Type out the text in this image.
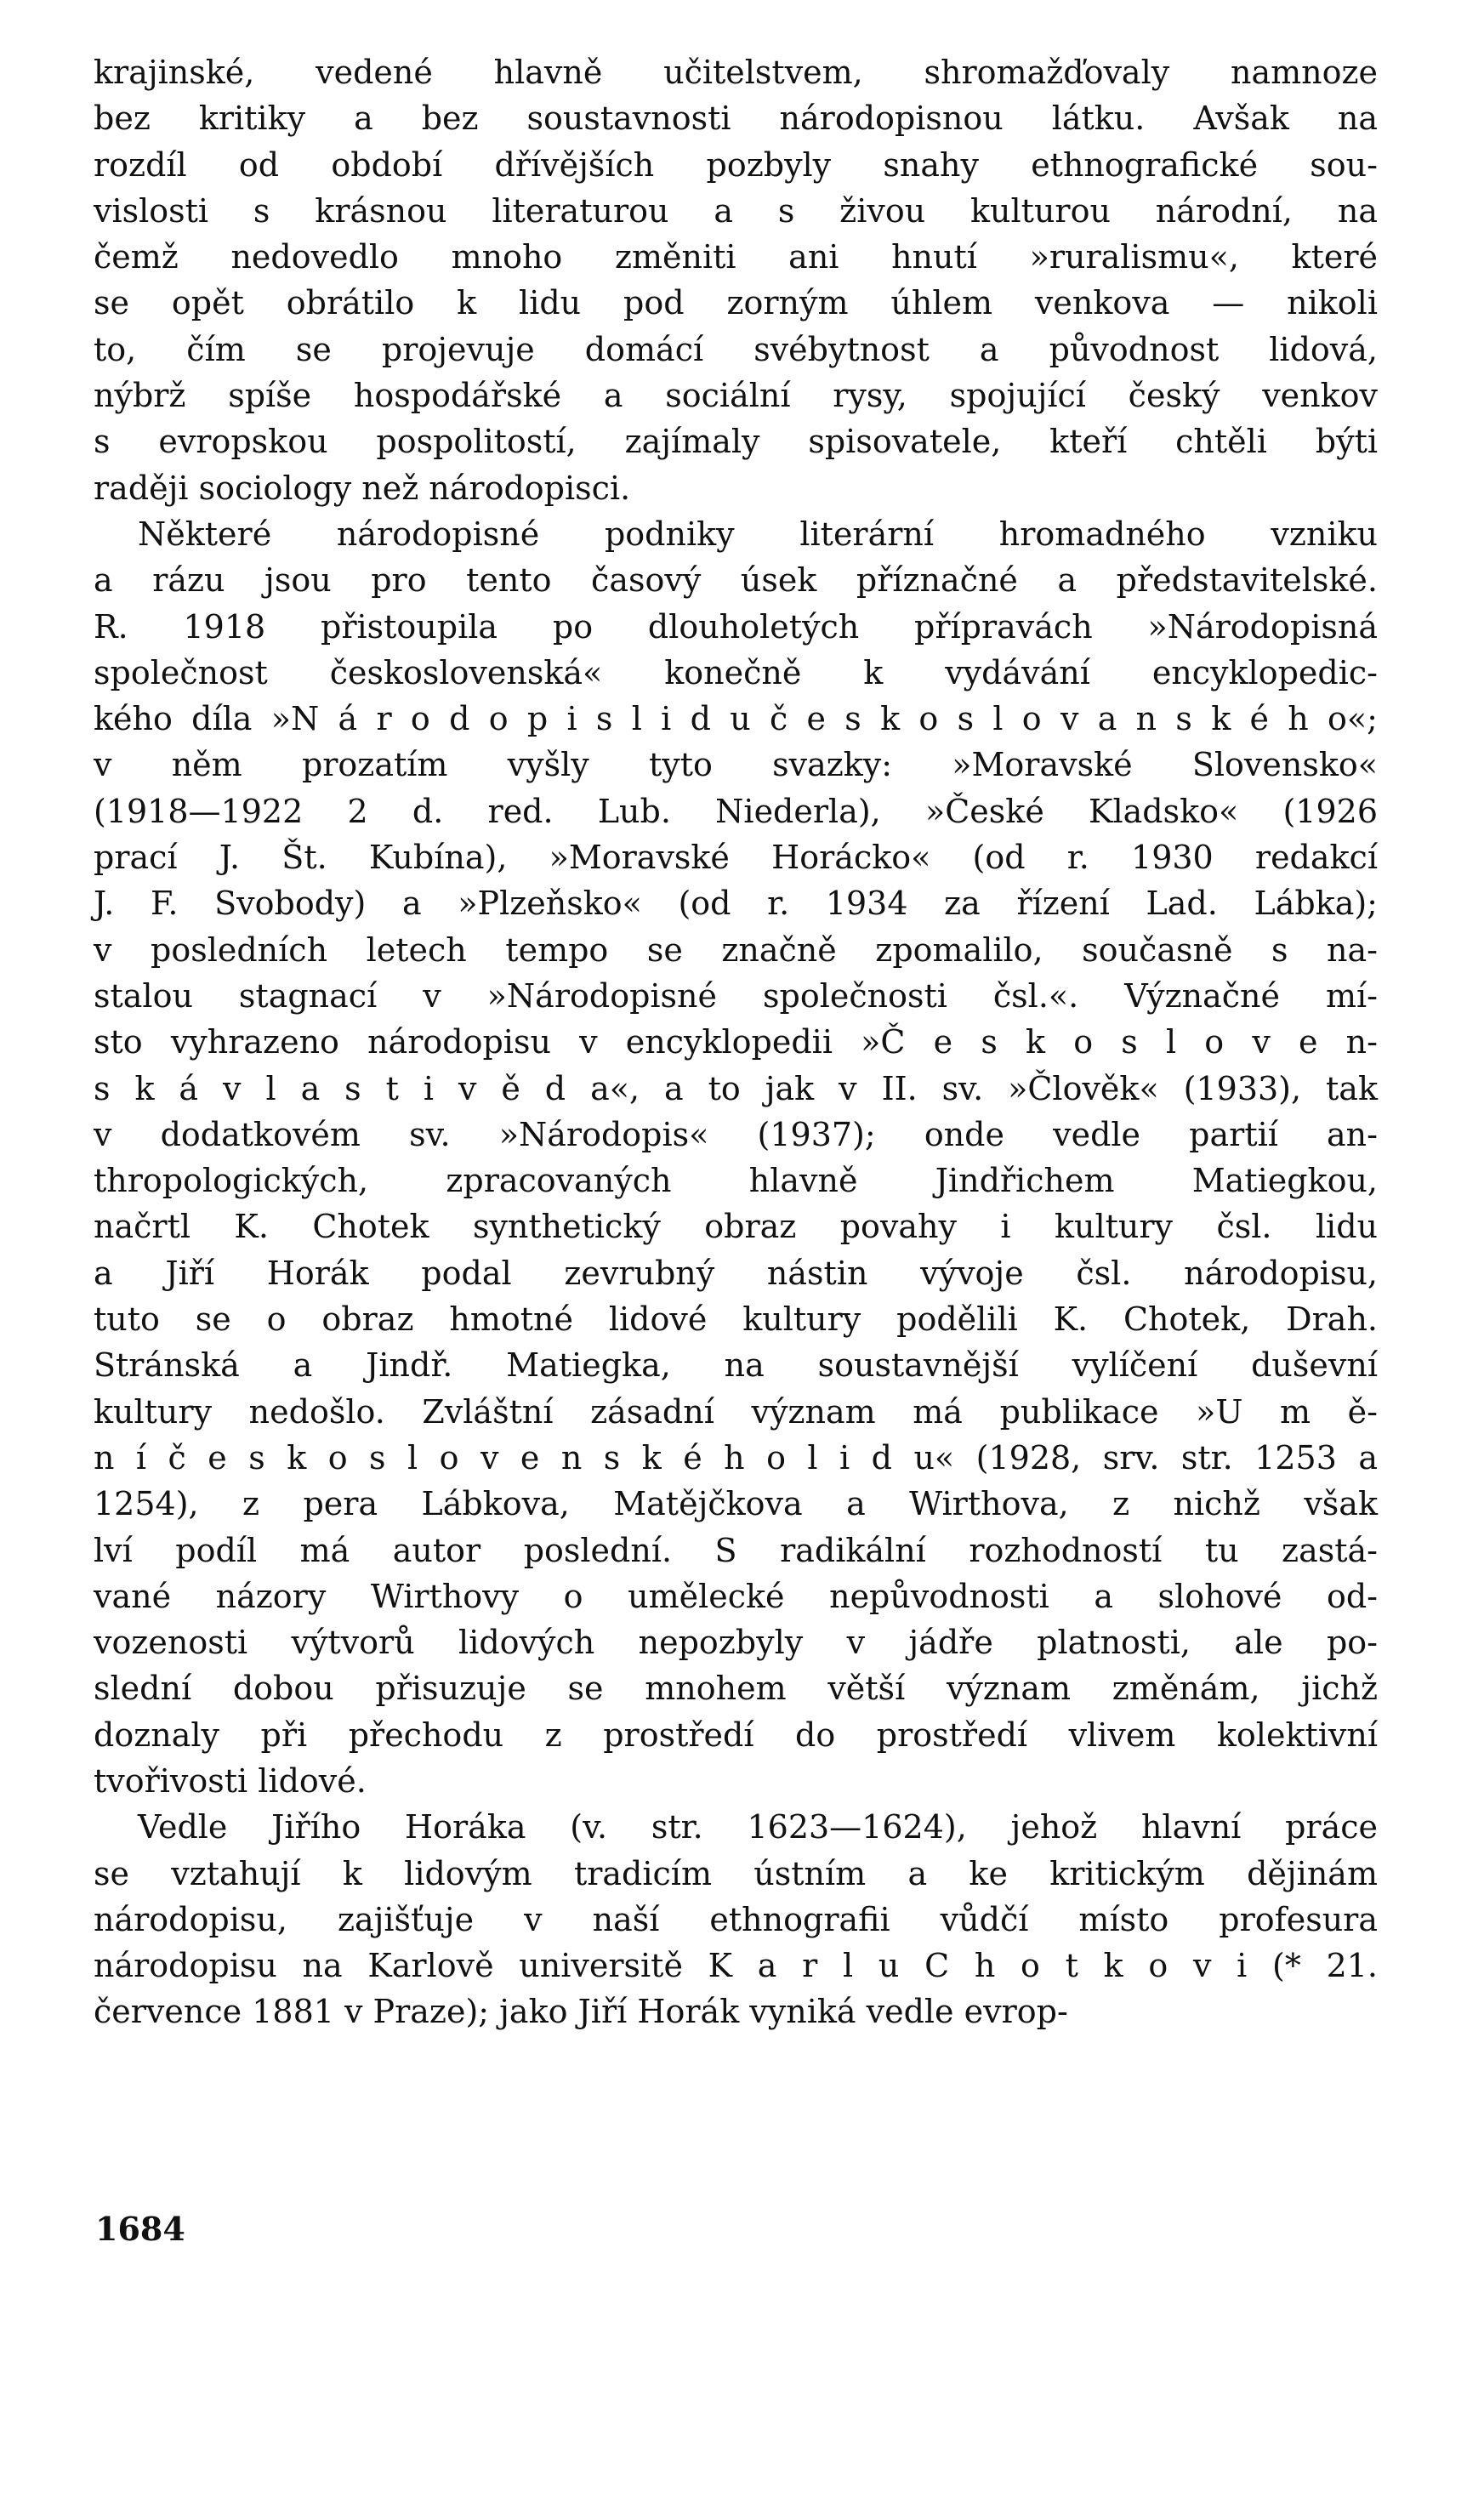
krajinské, vedené hlavně učitelstvem, shromažďovaly namnoze
bez kritiky a bez soustavnosti národopisnou látku. Avšak na
rozdíl od období dřívějších pozbyly snahy ethnografické sou-
vislosti s krásnou literaturou a s živou kulturou národní, na
čemž nedovedlo mnoho změniti ani hnutí »ruralismu«, které
se opět obrátilo k lidu pod zorným úhlem venkova — nikoli
to, čím se projevuje domácí svébytnost a původnost lidová,
nýbrž spíše hospodářské a sociální rysy, spojující český venkov
s evropskou pospolitostí, zajímaly spisovatele, kteří chtěli býti
raději sociology než národopisci.
Některé národopisné podniky literární hromadného vzniku
a rázu jsou pro tento časový úsek příznačné a představitelské.
R. 1918 přistoupila po dlouholetých přípravách »Národopisná
společnost československá« konečně k vydávání encyklopedic-
kého díla »N á r o d o p i s l i d u č e s k o s l o v a n s k é h o«;
v něm prozatím vyšly tyto svazky: »Moravské Slovensko«
(1918—1922 2 d. red. Lub. Niederla), »České Kladsko« (1926
prací J. Št. Kubína), »Moravské Horácko« (od r. 1930 redakcí
J. F. Svobody) a »Plzeňsko« (od r. 1934 za řízení Lad. Lábka);
v posledních letech tempo se značně zpomalilo, současně s na-
stalou stagnací v »Národopisné společnosti čsl.«. Význačné mí-
sto vyhrazeno národopisu v encyklopedii »Č e s k o s l o v e n-
s k á v l a s t i v ě d a«, a to jak v II. sv. »Člověk« (1933), tak
v dodatkovém sv. »Národopis« (1937); onde vedle partií an-
thropologických, zpracovaných hlavně Jindřichem Matiegkou,
načrtl K. Chotek synthetický obraz povahy i kultury čsl. lidu
a Jiří Horák podal zevrubný nástin vývoje čsl. národopisu,
tuto se o obraz hmotné lidové kultury podělili K. Chotek, Drah.
Stránská a Jindř. Matiegka, na soustavnější vylíčení duševní
kultury nedošlo. Zvláštní zásadní význam má publikace »U m ě-
n í č e s k o s l o v e n s k é h o l i d u« (1928, srv. str. 1253 a
1254), z pera Lábkova, Matějčkova a Wirthova, z nichž však
lví podíl má autor poslední. S radikální rozhodností tu zastá-
vané názory Wirthovy o umělecké nepůvodnosti a slohové od-
vozenosti výtvorů lidových nepozbyly v jádře platnosti, ale po-
slední dobou přisuzuje se mnohem větší význam změnám, jichž
doznaly při přechodu z prostředí do prostředí vlivem kolektivní
tvořivosti lidové.
Vedle Jiřího Horáka (v. str. 1623—1624), jehož hlavní práce
se vztahují k lidovým tradicím ústním a ke kritickým dějinám
národopisu, zajišťuje v naší ethnografii vůdčí místo profesura
národopisu na Karlově universitě K a r l u C h o t k o v i (* 21.
července 1881 v Praze); jako Jiří Horák vyniká vedle evrop-
1684
